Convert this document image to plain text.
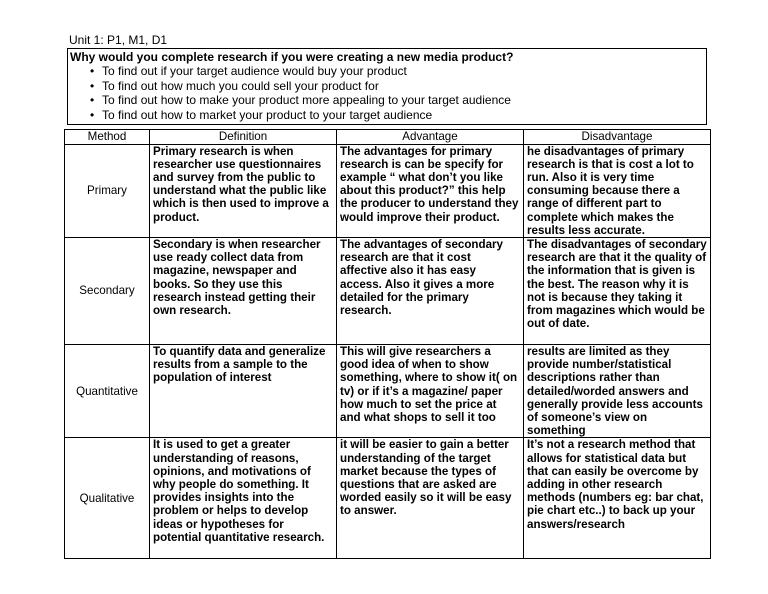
Unit 1: P1, M1, D1
Why would you complete research if you were creating a new media product?
• To find out if your target audience would buy your product
• To find out how much you could sell your product for
• To find out how to make your product more appealing to your target audience
• To find out how to market your product to your target audience
Method	Definition	Advantage	Disadvantage
Primary	Primary research is when researcher use questionnaires and survey from the public to understand what the public like which is then used to improve a product.	The advantages for primary research is can be specify for example “ what don’t you like about this product?” this help the producer to understand they would improve their product.	he disadvantages of primary research is that is cost a lot to run. Also it is very time consuming because there a range of different part to complete which makes the results less accurate.
Secondary	Secondary is when researcher use ready collect data from magazine, newspaper and books. So they use this research instead getting their own research.	The advantages of secondary research are that it cost affective also it has easy access. Also it gives a more detailed for the primary research.	The disadvantages of secondary research are that it the quality of the information that is given is the best. The reason why it is not is because they taking it from magazines which would be out of date.
Quantitative	To quantify data and generalize results from a sample to the population of interest	This will give researchers a good idea of when to show something, where to show it( on tv) or if it’s a magazine/ paper how much to set the price at and what shops to sell it too	results are limited as they provide number/statistical descriptions rather than detailed/worded answers and generally provide less accounts of someone’s view on something
Qualitative	It is used to get a greater understanding of reasons, opinions, and motivations of why people do something. It provides insights into the problem or helps to develop ideas or hypotheses for potential quantitative research.	it will be easier to gain a better understanding of the target market because the types of questions that are asked are worded easily so it will be easy to answer.	It’s not a research method that allows for statistical data but that can easily be overcome by adding in other research methods (numbers eg: bar chat, pie chart etc..) to back up your answers/research
